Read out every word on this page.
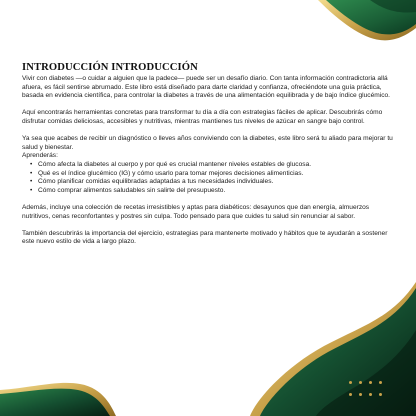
INTRODUCCIÓN INTRODUCCIÓN

Vivir con diabetes —o cuidar a alguien que la padece— puede ser un desafío diario. Con tanta información contradictoria allá afuera, es fácil sentirse abrumado. Este libro está diseñado para darte claridad y confianza, ofreciéndote una guía práctica, basada en evidencia científica, para controlar la diabetes a través de una alimentación equilibrada y de bajo índice glucémico.

Aquí encontrarás herramientas concretas para transformar tu día a día con estrategias fáciles de aplicar. Descubrirás cómo disfrutar comidas deliciosas, accesibles y nutritivas, mientras mantienes tus niveles de azúcar en sangre bajo control.

Ya sea que acabes de recibir un diagnóstico o lleves años conviviendo con la diabetes, este libro será tu aliado para mejorar tu salud y bienestar.

Aprenderás:

• Cómo afecta la diabetes al cuerpo y por qué es crucial mantener niveles estables de glucosa.
• Qué es el índice glucémico (IG) y cómo usarlo para tomar mejores decisiones alimenticias.
• Cómo planificar comidas equilibradas adaptadas a tus necesidades individuales.
• Cómo comprar alimentos saludables sin salirte del presupuesto.

Además, incluye una colección de recetas irresistibles y aptas para diabéticos: desayunos que dan energía, almuerzos nutritivos, cenas reconfortantes y postres sin culpa. Todo pensado para que cuides tu salud sin renunciar al sabor.

También descubrirás la importancia del ejercicio, estrategias para mantenerte motivado y hábitos que te ayudarán a sostener este nuevo estilo de vida a largo plazo.
